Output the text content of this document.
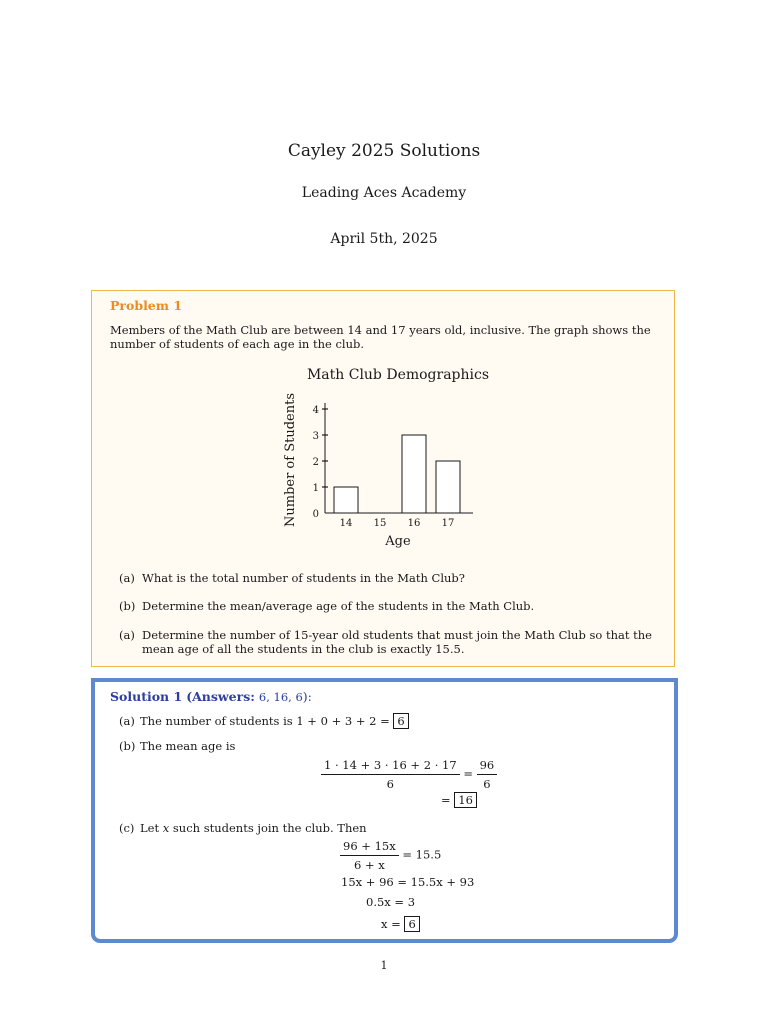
Cayley 2025 Solutions
Leading Aces Academy
April 5th, 2025
Problem 1
Members of the Math Club are between 14 and 17 years old, inclusive. The graph shows the number of students of each age in the club.
Math Club Demographics
0
1
2
3
4
14 15 16 17
Age
Number of Students
(a) What is the total number of students in the Math Club?
(b) Determine the mean/average age of the students in the Math Club.
(a) Determine the number of 15-year old students that must join the Math Club so that the mean age of all the students in the club is exactly 15.5.
Solution 1 (Answers: 6, 16, 6):
(a) The number of students is 1 + 0 + 3 + 2 = 6
(b) The mean age is
$\frac{1 \cdot 14 + 3 \cdot 16 + 2 \cdot 17}{6} = \frac{96}{6}$
= 16
(c) Let x such students join the club. Then
$\frac{96 + 15x}{6 + x} = 15.5$
15x + 96 = 15.5x + 93
0.5x = 3
x = 6
1
